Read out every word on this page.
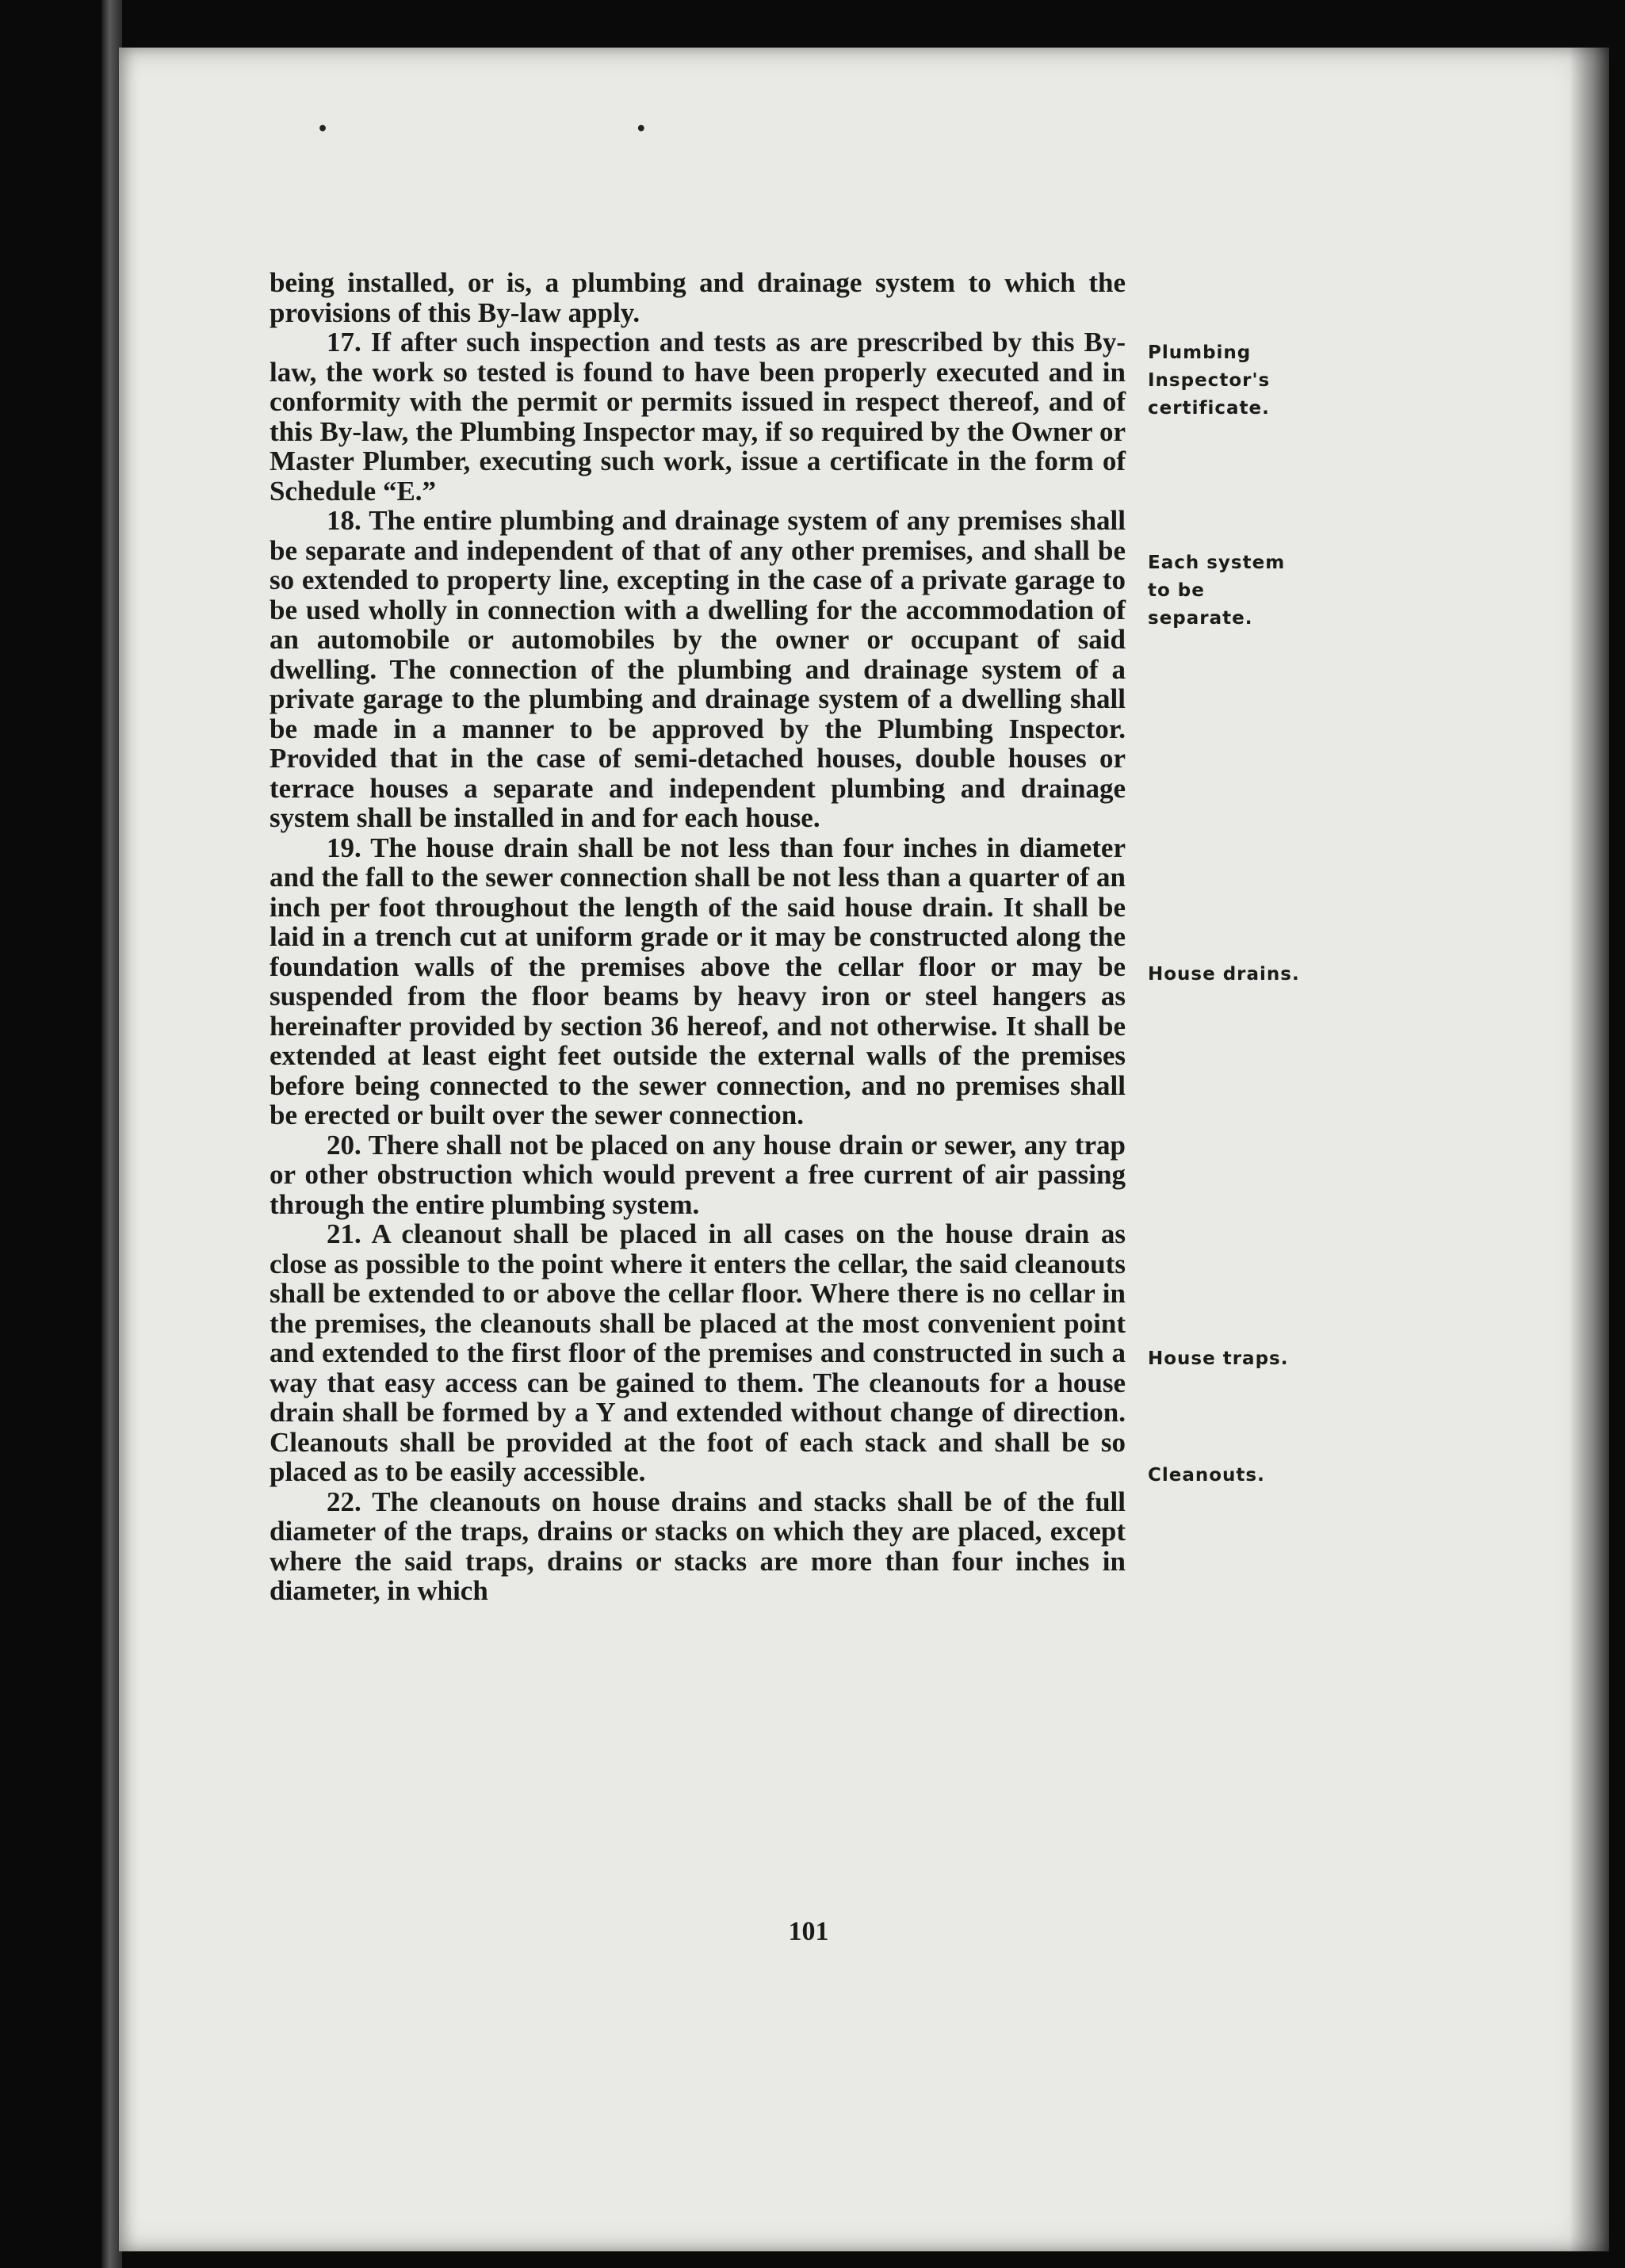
• •

being installed, or is, a plumbing and drainage system to which the provisions of this By-law apply.

17. If after such inspection and tests as are prescribed by this By-law, the work so tested is found to have been properly executed and in conformity with the permit or permits issued in respect thereof, and of this By-law, the Plumbing Inspector may, if so required by the Owner or Master Plumber, executing such work, issue a certificate in the form of Schedule “E.”

18. The entire plumbing and drainage system of any premises shall be separate and independent of that of any other premises, and shall be so extended to property line, excepting in the case of a private garage to be used wholly in connection with a dwelling for the accommodation of an automobile or automobiles by the owner or occupant of said dwelling. The connection of the plumbing and drainage system of a private garage to the plumbing and drainage system of a dwelling shall be made in a manner to be approved by the Plumbing Inspector. Provided that in the case of semi-detached houses, double houses or terrace houses a separate and independent plumbing and drainage system shall be installed in and for each house.

19. The house drain shall be not less than four inches in diameter and the fall to the sewer connection shall be not less than a quarter of an inch per foot throughout the length of the said house drain. It shall be laid in a trench cut at uniform grade or it may be constructed along the foundation walls of the premises above the cellar floor or may be suspended from the floor beams by heavy iron or steel hangers as hereinafter provided by section 36 hereof, and not otherwise. It shall be extended at least eight feet outside the external walls of the premises before being connected to the sewer connection, and no premises shall be erected or built over the sewer connection.

20. There shall not be placed on any house drain or sewer, any trap or other obstruction which would prevent a free current of air passing through the entire plumbing system.

21. A cleanout shall be placed in all cases on the house drain as close as possible to the point where it enters the cellar, the said cleanouts shall be extended to or above the cellar floor. Where there is no cellar in the premises, the cleanouts shall be placed at the most convenient point and extended to the first floor of the premises and constructed in such a way that easy access can be gained to them. The cleanouts for a house drain shall be formed by a Y and extended without change of direction. Cleanouts shall be provided at the foot of each stack and shall be so placed as to be easily accessible.

22. The cleanouts on house drains and stacks shall be of the full diameter of the traps, drains or stacks on which they are placed, except where the said traps, drains or stacks are more than four inches in diameter, in which

Plumbing
Inspector's
certificate.
Each system
to be
separate.
House drains.
House traps.
Cleanouts.
101
